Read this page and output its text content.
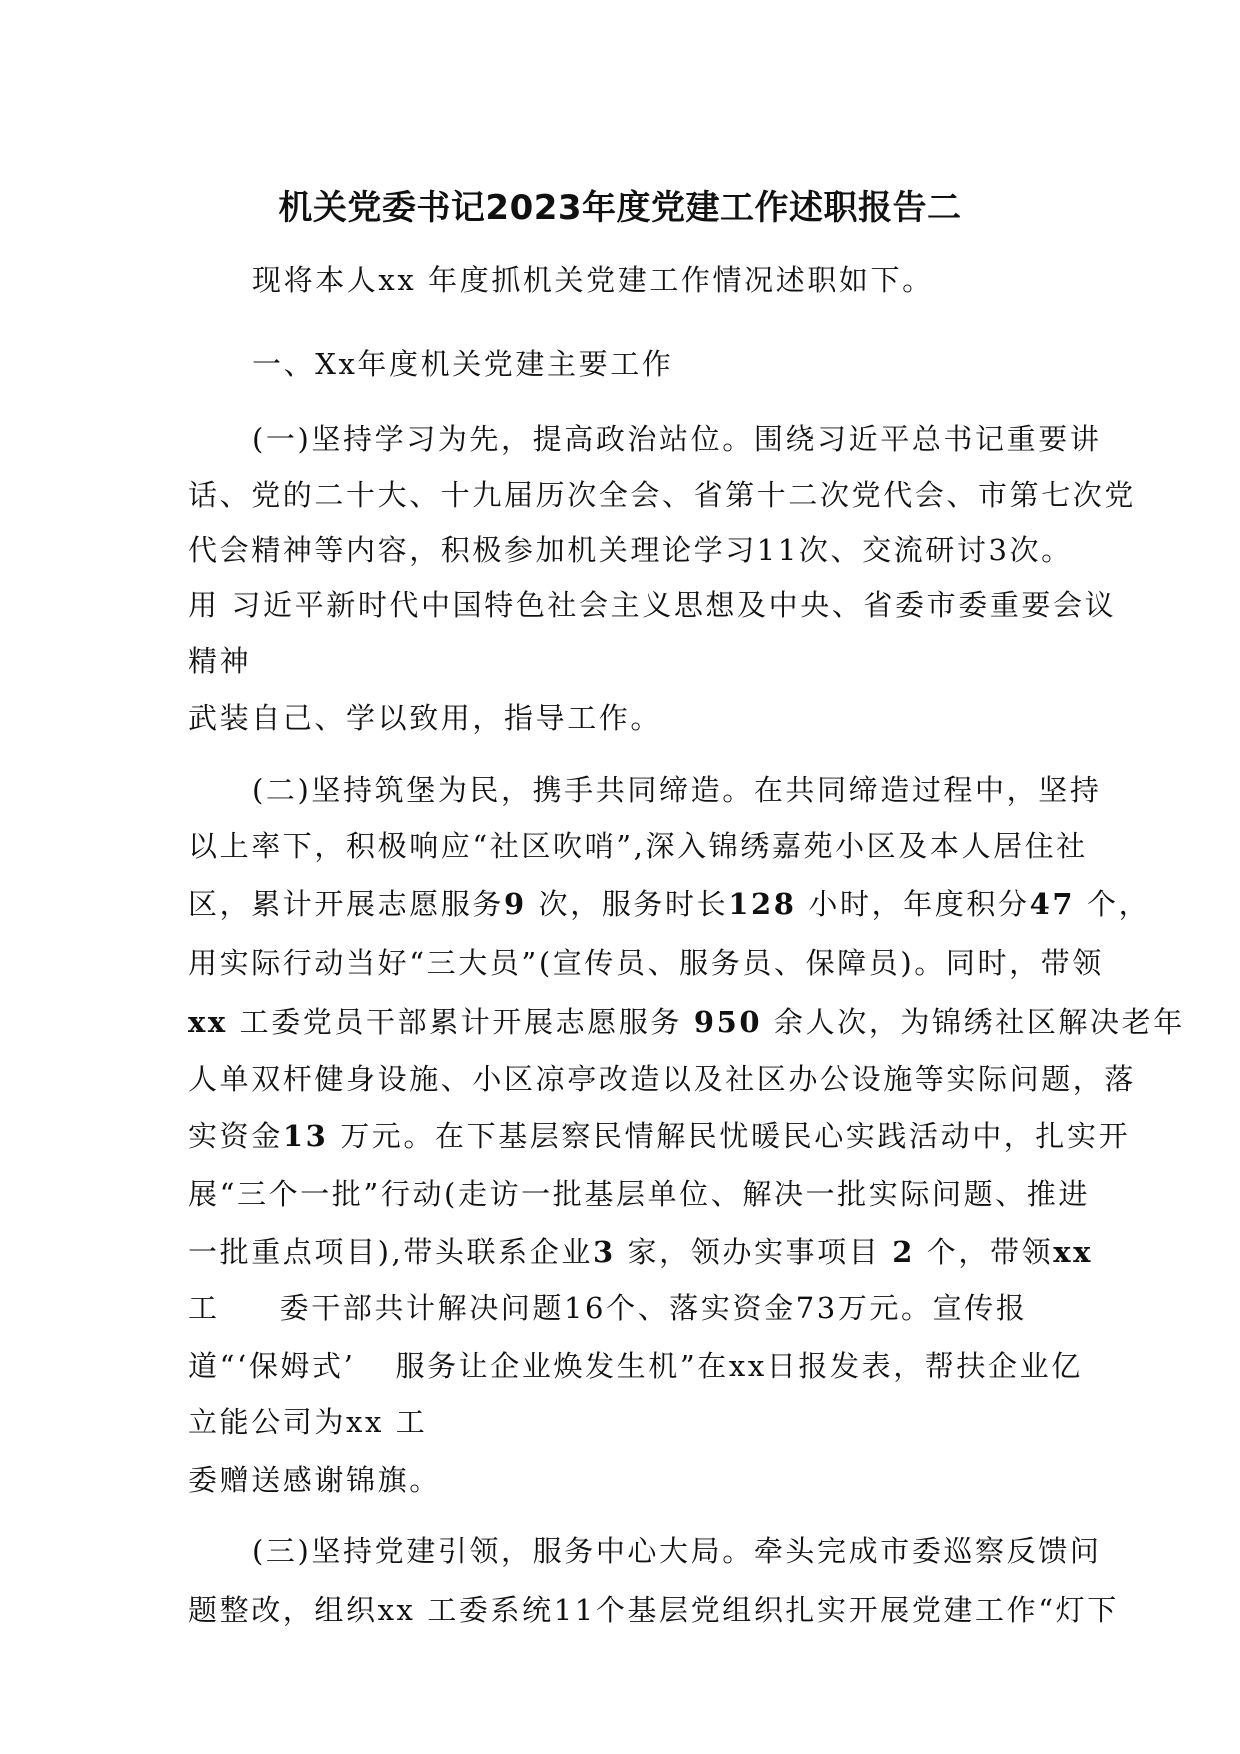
机关党委书记2023年度党建工作述职报告二
现将本人xx 年度抓机关党建工作情况述职如下。
一、Xx年度机关党建主要工作
(一)坚持学习为先，提高政治站位。围绕习近平总书记重要讲
话、党的二十大、十九届历次全会、省第十二次党代会、市第七次党
代会精神等内容，积极参加机关理论学习11次、交流研讨3次。
用 习近平新时代中国特色社会主义思想及中央、省委市委重要会议
精神
武装自己、学以致用，指导工作。
(二)坚持筑堡为民，携手共同缔造。在共同缔造过程中，坚持
以上率下，积极响应“社区吹哨”,深入锦绣嘉苑小区及本人居住社
区，累计开展志愿服务9 次，服务时长128 小时，年度积分47 个，
用实际行动当好“三大员”(宣传员、服务员、保障员)。同时，带领
xx 工委党员干部累计开展志愿服务 950 余人次，为锦绣社区解决老年
人单双杆健身设施、小区凉亭改造以及社区办公设施等实际问题，落
实资金13 万元。在下基层察民情解民忧暖民心实践活动中，扎实开
展“三个一批”行动(走访一批基层单位、解决一批实际问题、推进
一批重点项目),带头联系企业3 家，领办实事项目 2 个，带领xx
工 委干部共计解决问题16个、落实资金73万元。宣传报
道“‘保姆式’ 服务让企业焕发生机”在xx日报发表，帮扶企业亿
立能公司为xx 工
委赠送感谢锦旗。
(三)坚持党建引领，服务中心大局。牵头完成市委巡察反馈问
题整改，组织xx 工委系统11个基层党组织扎实开展党建工作“灯下
